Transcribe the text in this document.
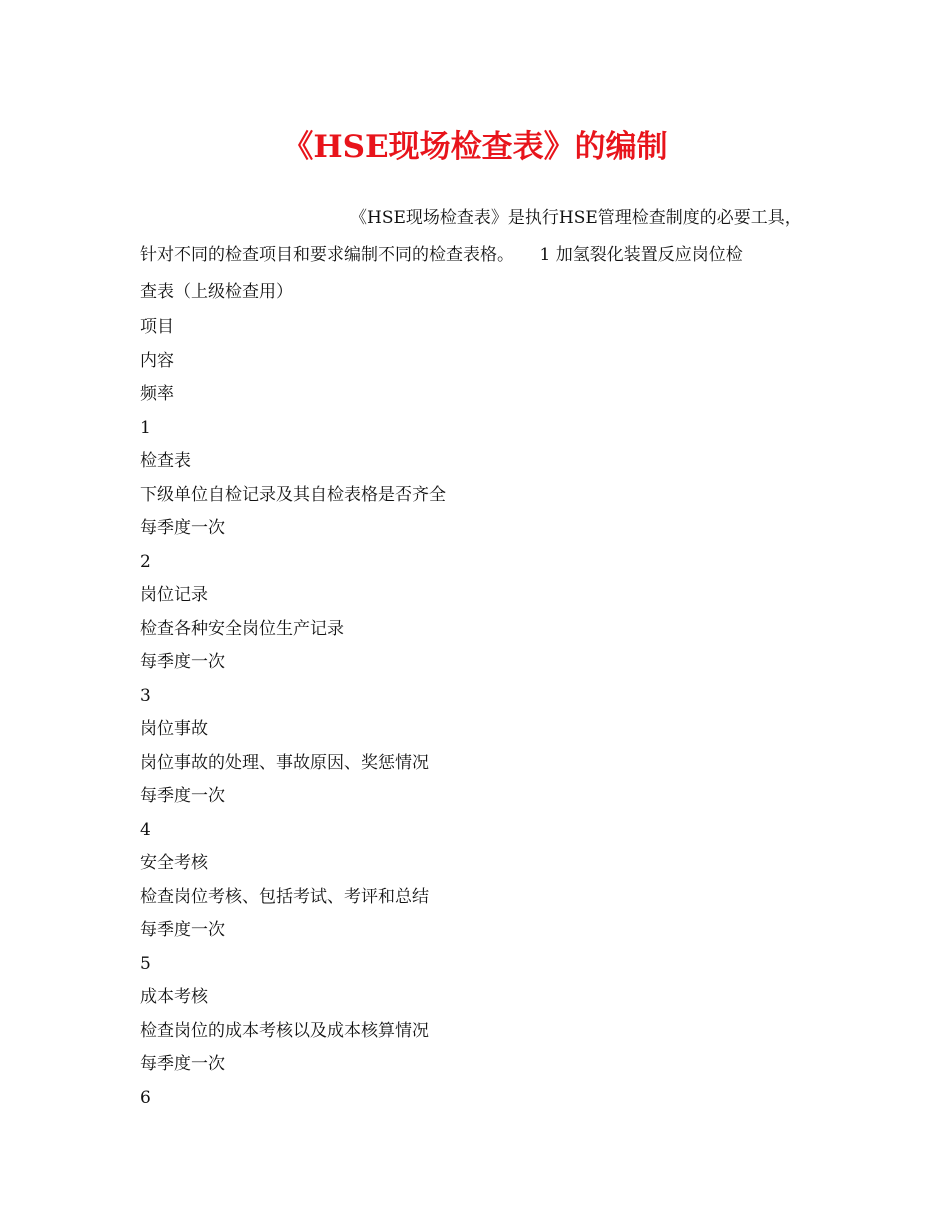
《HSE现场检查表》的编制

《HSE现场检查表》是执行HSE管理检查制度的必要工具，

针对不同的检查项目和要求编制不同的检查表格。　　1 加氢裂化装置反应岗位检

查表（上级检查用）

项目
内容
频率
1
检查表
下级单位自检记录及其自检表格是否齐全
每季度一次
2
岗位记录
检查各种安全岗位生产记录
每季度一次
3
岗位事故
岗位事故的处理、事故原因、奖惩情况
每季度一次
4
安全考核
检查岗位考核、包括考试、考评和总结
每季度一次
5
成本考核
检查岗位的成本考核以及成本核算情况
每季度一次
6
